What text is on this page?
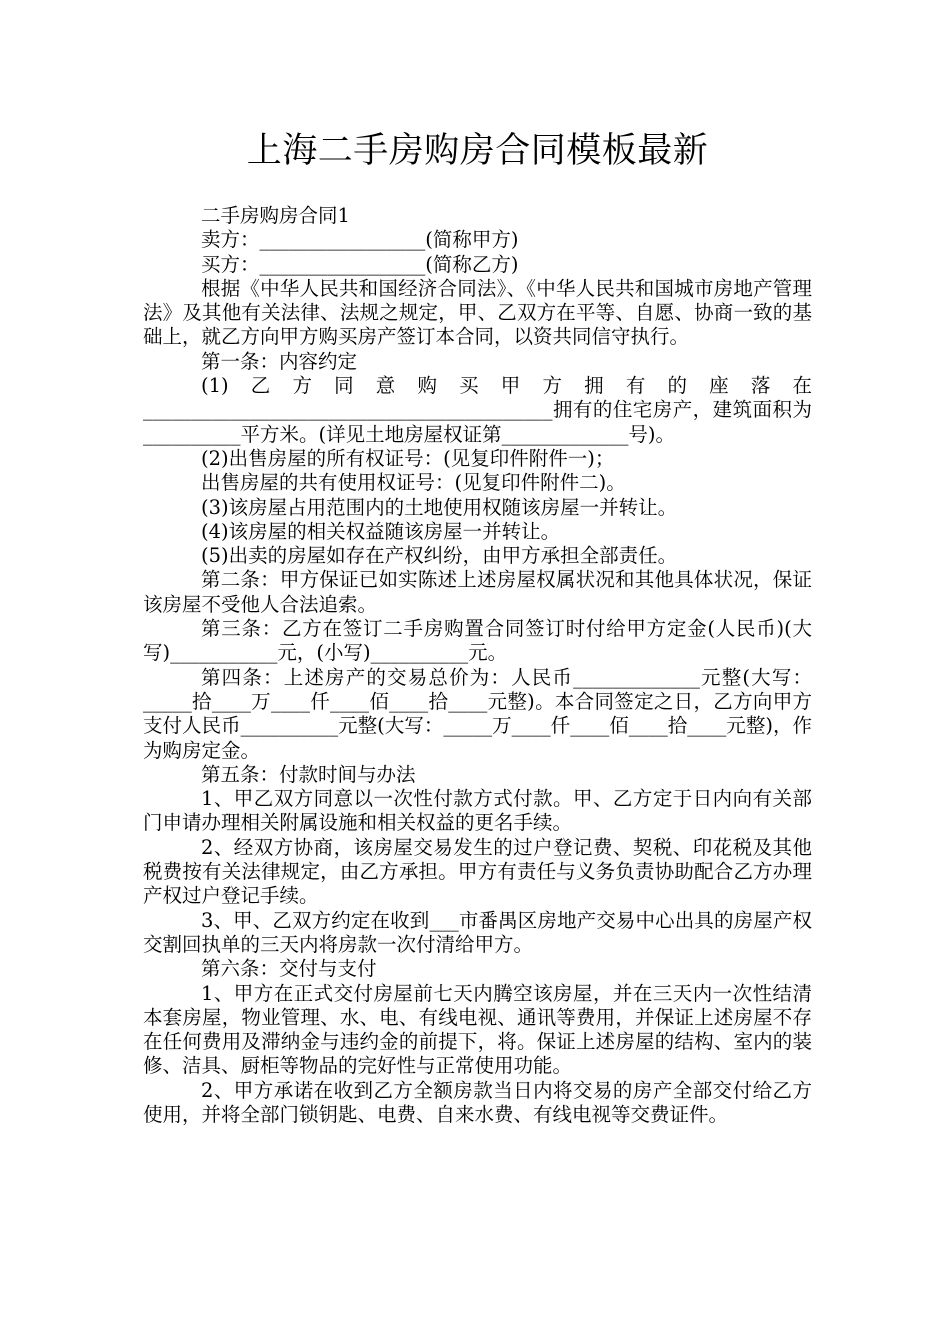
上海二手房购房合同模板最新

二手房购房合同1

卖方：_________________(简称甲方)

买方：_________________(简称乙方)

根据《中华人民共和国经济合同法》、《中华人民共和国城市房地产管理法》及其他有关法律、法规之规定，甲、乙双方在平等、自愿、协商一致的基础上，就乙方向甲方购买房产签订本合同，以资共同信守执行。

第一条：内容约定

(1)乙方同意购买甲方拥有的座落在__________________________________________拥有的住宅房产，建筑面积为__________平方米。(详见土地房屋权证第_____________号)。

(2)出售房屋的所有权证号：(见复印件附件一)；

出售房屋的共有使用权证号：(见复印件附件二)。

(3)该房屋占用范围内的土地使用权随该房屋一并转让。

(4)该房屋的相关权益随该房屋一并转让。

(5)出卖的房屋如存在产权纠纷，由甲方承担全部责任。

第二条：甲方保证已如实陈述上述房屋权属状况和其他具体状况，保证该房屋不受他人合法追索。

第三条：乙方在签订二手房购置合同签订时付给甲方定金(人民币)(大写)___________元，(小写)__________元。

第四条：上述房产的交易总价为：人民币_____________元整(大写：_____拾____万____仟____佰____拾____元整)。本合同签定之日，乙方向甲方支付人民币__________元整(大写：_____万____仟____佰____拾____元整)，作为购房定金。

第五条：付款时间与办法

1、甲乙双方同意以一次性付款方式付款。甲、乙方定于日内向有关部门申请办理相关附属设施和相关权益的更名手续。

2、经双方协商，该房屋交易发生的过户登记费、契税、印花税及其他税费按有关法律规定，由乙方承担。甲方有责任与义务负责协助配合乙方办理产权过户登记手续。

3、甲、乙双方约定在收到___市番禺区房地产交易中心出具的房屋产权交割回执单的三天内将房款一次付清给甲方。

第六条：交付与支付

1、甲方在正式交付房屋前七天内腾空该房屋，并在三天内一次性结清本套房屋，物业管理、水、电、有线电视、通讯等费用，并保证上述房屋不存在任何费用及滞纳金与违约金的前提下，将。保证上述房屋的结构、室内的装修、洁具、厨柜等物品的完好性与正常使用功能。

2、甲方承诺在收到乙方全额房款当日内将交易的房产全部交付给乙方使用，并将全部门锁钥匙、电费、自来水费、有线电视等交费证件。
